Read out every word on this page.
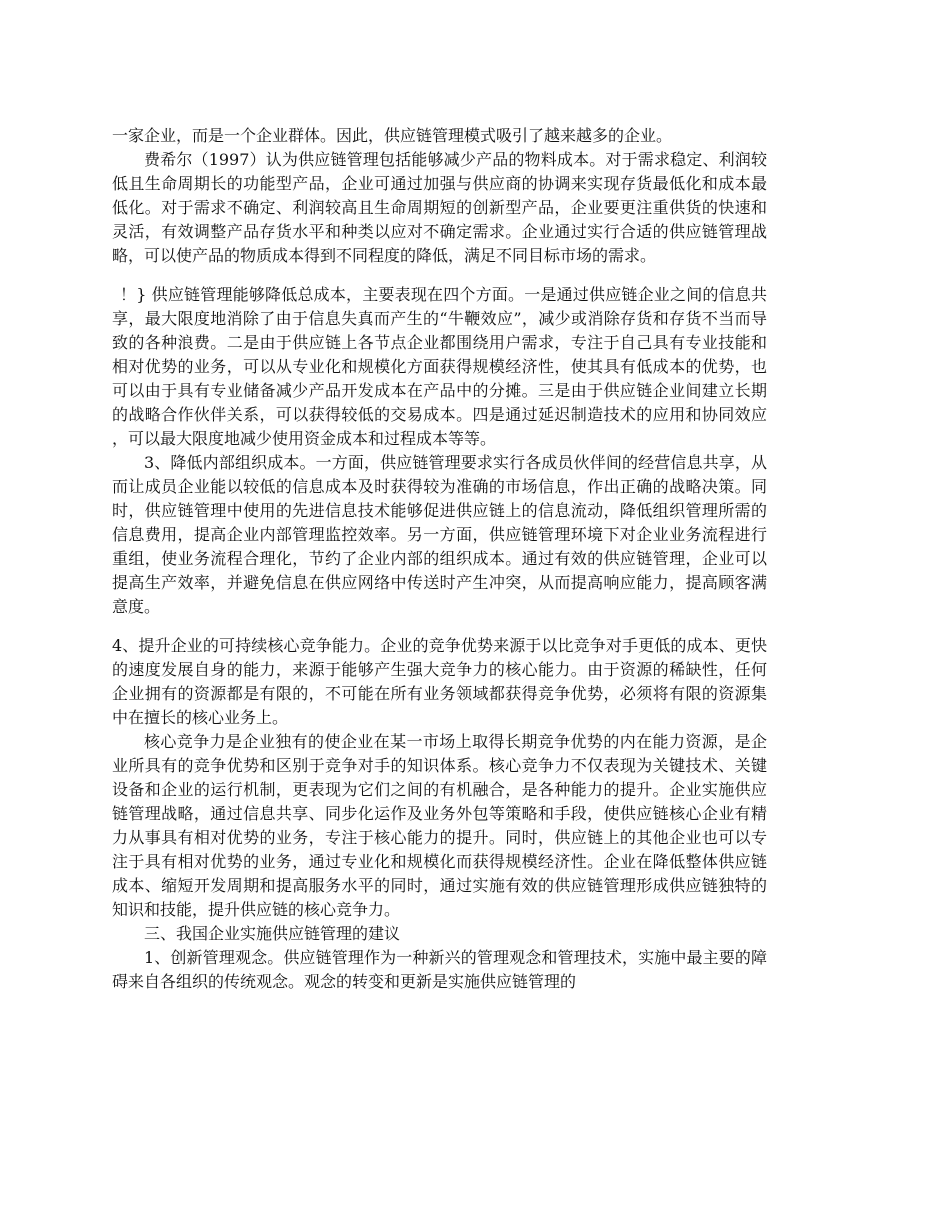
一家企业，而是一个企业群体。因此，供应链管理模式吸引了越来越多的企业。

费希尔（1997）认为供应链管理包括能够减少产品的物料成本。对于需求稳定、利润较低且生命周期长的功能型产品，企业可通过加强与供应商的协调来实现存货最低化和成本最低化。对于需求不确定、利润较高且生命周期短的创新型产品，企业要更注重供货的快速和灵活，有效调整产品存货水平和种类以应对不确定需求。企业通过实行合适的供应链管理战略，可以使产品的物质成本得到不同程度的降低，满足不同目标市场的需求。

！} 供应链管理能够降低总成本，主要表现在四个方面。一是通过供应链企业之间的信息共享，最大限度地消除了由于信息失真而产生的“牛鞭效应”，减少或消除存货和存货不当而导致的各种浪费。二是由于供应链上各节点企业都围绕用户需求，专注于自己具有专业技能和相对优势的业务，可以从专业化和规模化方面获得规模经济性，使其具有低成本的优势，也可以由于具有专业储备减少产品开发成本在产品中的分摊。三是由于供应链企业间建立长期的战略合作伙伴关系，可以获得较低的交易成本。四是通过延迟制造技术的应用和协同效应，可以最大限度地减少使用资金成本和过程成本等等。

3、降低内部组织成本。一方面，供应链管理要求实行各成员伙伴间的经营信息共享，从而让成员企业能以较低的信息成本及时获得较为准确的市场信息，作出正确的战略决策。同时，供应链管理中使用的先进信息技术能够促进供应链上的信息流动，降低组织管理所需的信息费用，提高企业内部管理监控效率。另一方面，供应链管理环境下对企业业务流程进行重组，使业务流程合理化，节约了企业内部的组织成本。通过有效的供应链管理，企业可以提高生产效率，并避免信息在供应网络中传送时产生冲突，从而提高响应能力，提高顾客满意度。

4、提升企业的可持续核心竞争能力。企业的竞争优势来源于以比竞争对手更低的成本、更快的速度发展自身的能力，来源于能够产生强大竞争力的核心能力。由于资源的稀缺性，任何企业拥有的资源都是有限的，不可能在所有业务领域都获得竞争优势，必须将有限的资源集中在擅长的核心业务上。

核心竞争力是企业独有的使企业在某一市场上取得长期竞争优势的内在能力资源，是企业所具有的竞争优势和区别于竞争对手的知识体系。核心竞争力不仅表现为关键技术、关键设备和企业的运行机制，更表现为它们之间的有机融合，是各种能力的提升。企业实施供应链管理战略，通过信息共享、同步化运作及业务外包等策略和手段，使供应链核心企业有精力从事具有相对优势的业务，专注于核心能力的提升。同时，供应链上的其他企业也可以专注于具有相对优势的业务，通过专业化和规模化而获得规模经济性。企业在降低整体供应链成本、缩短开发周期和提高服务水平的同时，通过实施有效的供应链管理形成供应链独特的知识和技能，提升供应链的核心竞争力。

三、我国企业实施供应链管理的建议

1、创新管理观念。供应链管理作为一种新兴的管理观念和管理技术，实施中最主要的障碍来自各组织的传统观念。观念的转变和更新是实施供应链管理的
